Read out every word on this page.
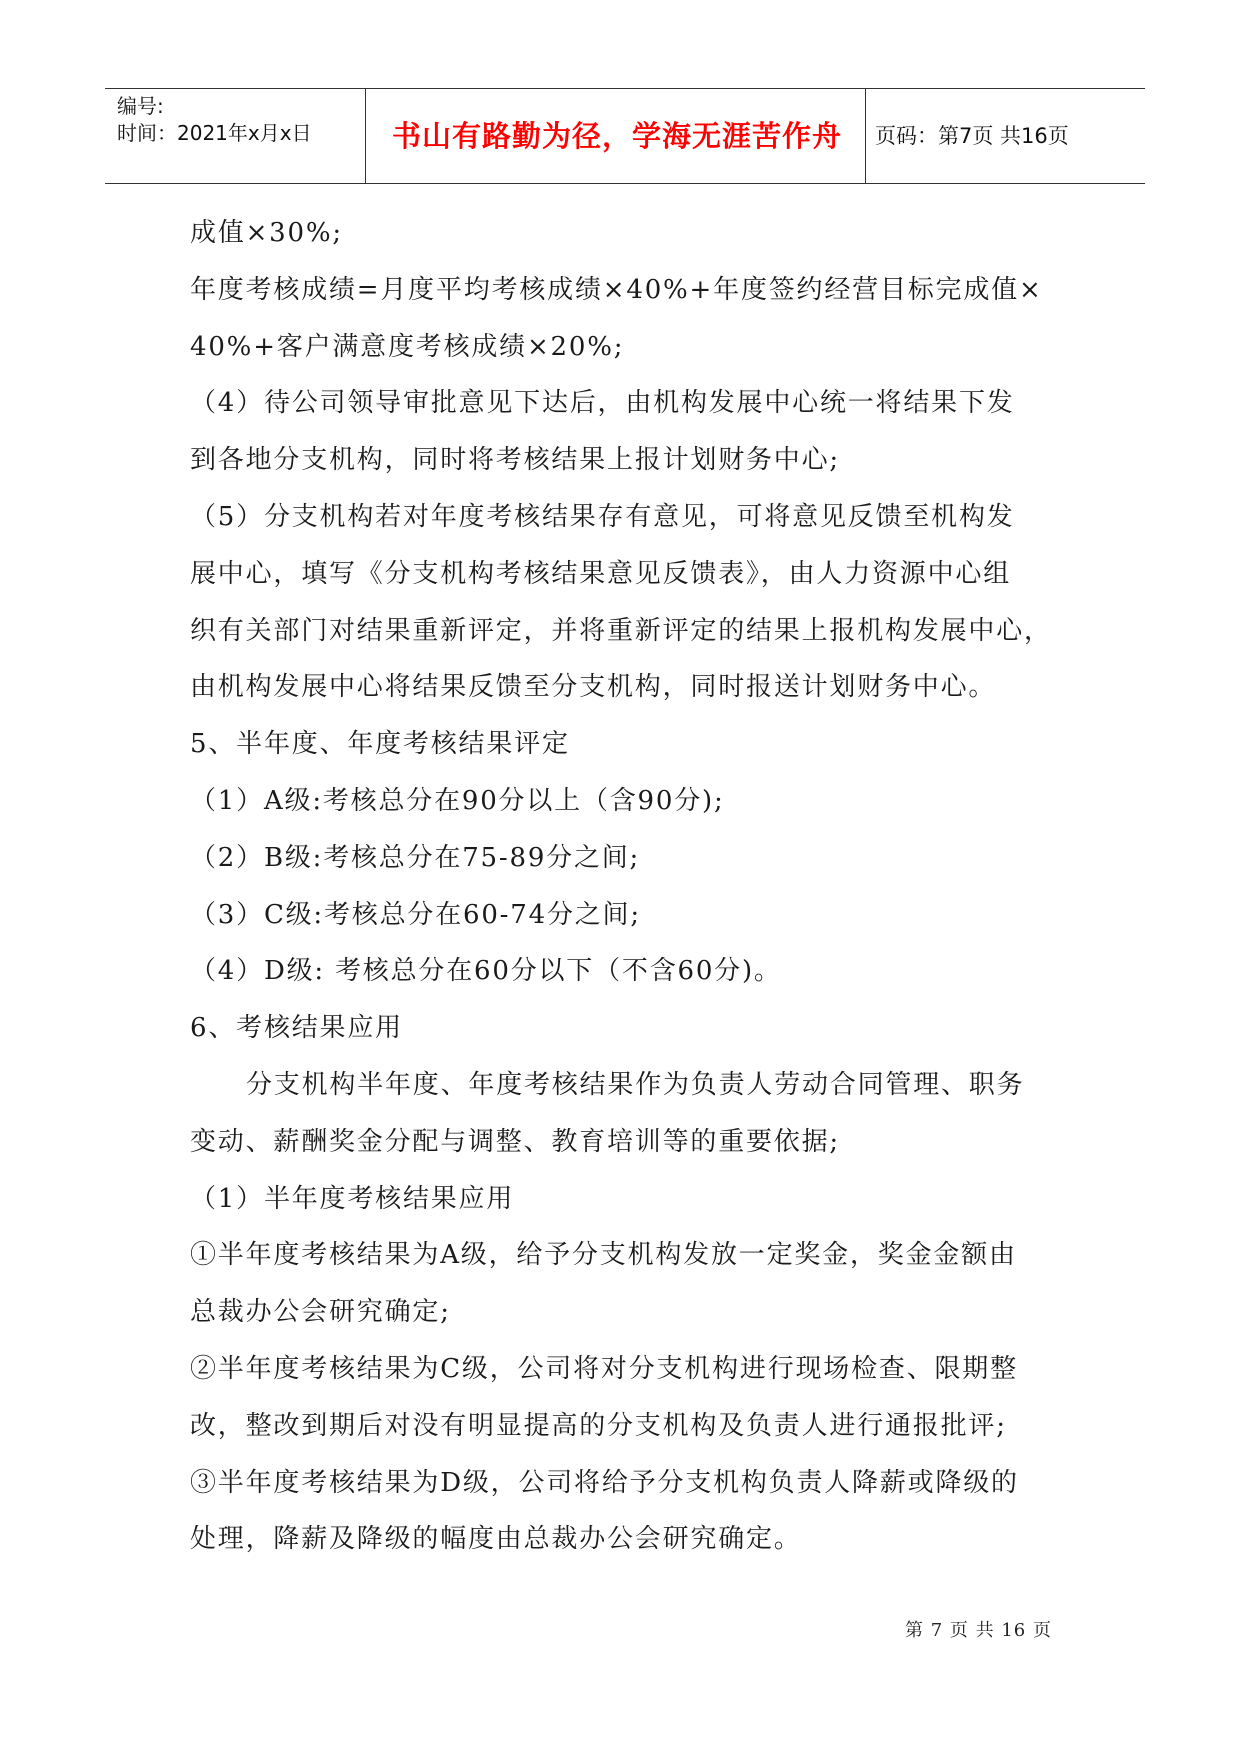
编号:
时间：2021年x月x日	书山有路勤为径，学海无涯苦作舟	页码：第7页 共16页
成值×30%;
年度考核成绩=月度平均考核成绩×40%+年度签约经营目标完成值×
40%+客户满意度考核成绩×20%;
（4）待公司领导审批意见下达后，由机构发展中心统一将结果下发
到各地分支机构，同时将考核结果上报计划财务中心;
（5）分支机构若对年度考核结果存有意见，可将意见反馈至机构发
展中心，填写《分支机构考核结果意见反馈表》，由人力资源中心组
织有关部门对结果重新评定，并将重新评定的结果上报机构发展中心，
由机构发展中心将结果反馈至分支机构，同时报送计划财务中心。
5、半年度、年度考核结果评定
（1）A级:考核总分在90分以上（含90分);
（2）B级:考核总分在75-89分之间;
（3）C级:考核总分在60-74分之间;
（4）D级: 考核总分在60分以下（不含60分)。
6、考核结果应用
分支机构半年度、年度考核结果作为负责人劳动合同管理、职务
变动、薪酬奖金分配与调整、教育培训等的重要依据;
（1）半年度考核结果应用
①半年度考核结果为A级，给予分支机构发放一定奖金，奖金金额由
总裁办公会研究确定;
②半年度考核结果为C级，公司将对分支机构进行现场检查、限期整
改，整改到期后对没有明显提高的分支机构及负责人进行通报批评;
③半年度考核结果为D级，公司将给予分支机构负责人降薪或降级的
处理，降薪及降级的幅度由总裁办公会研究确定。
第 7 页 共 16 页
